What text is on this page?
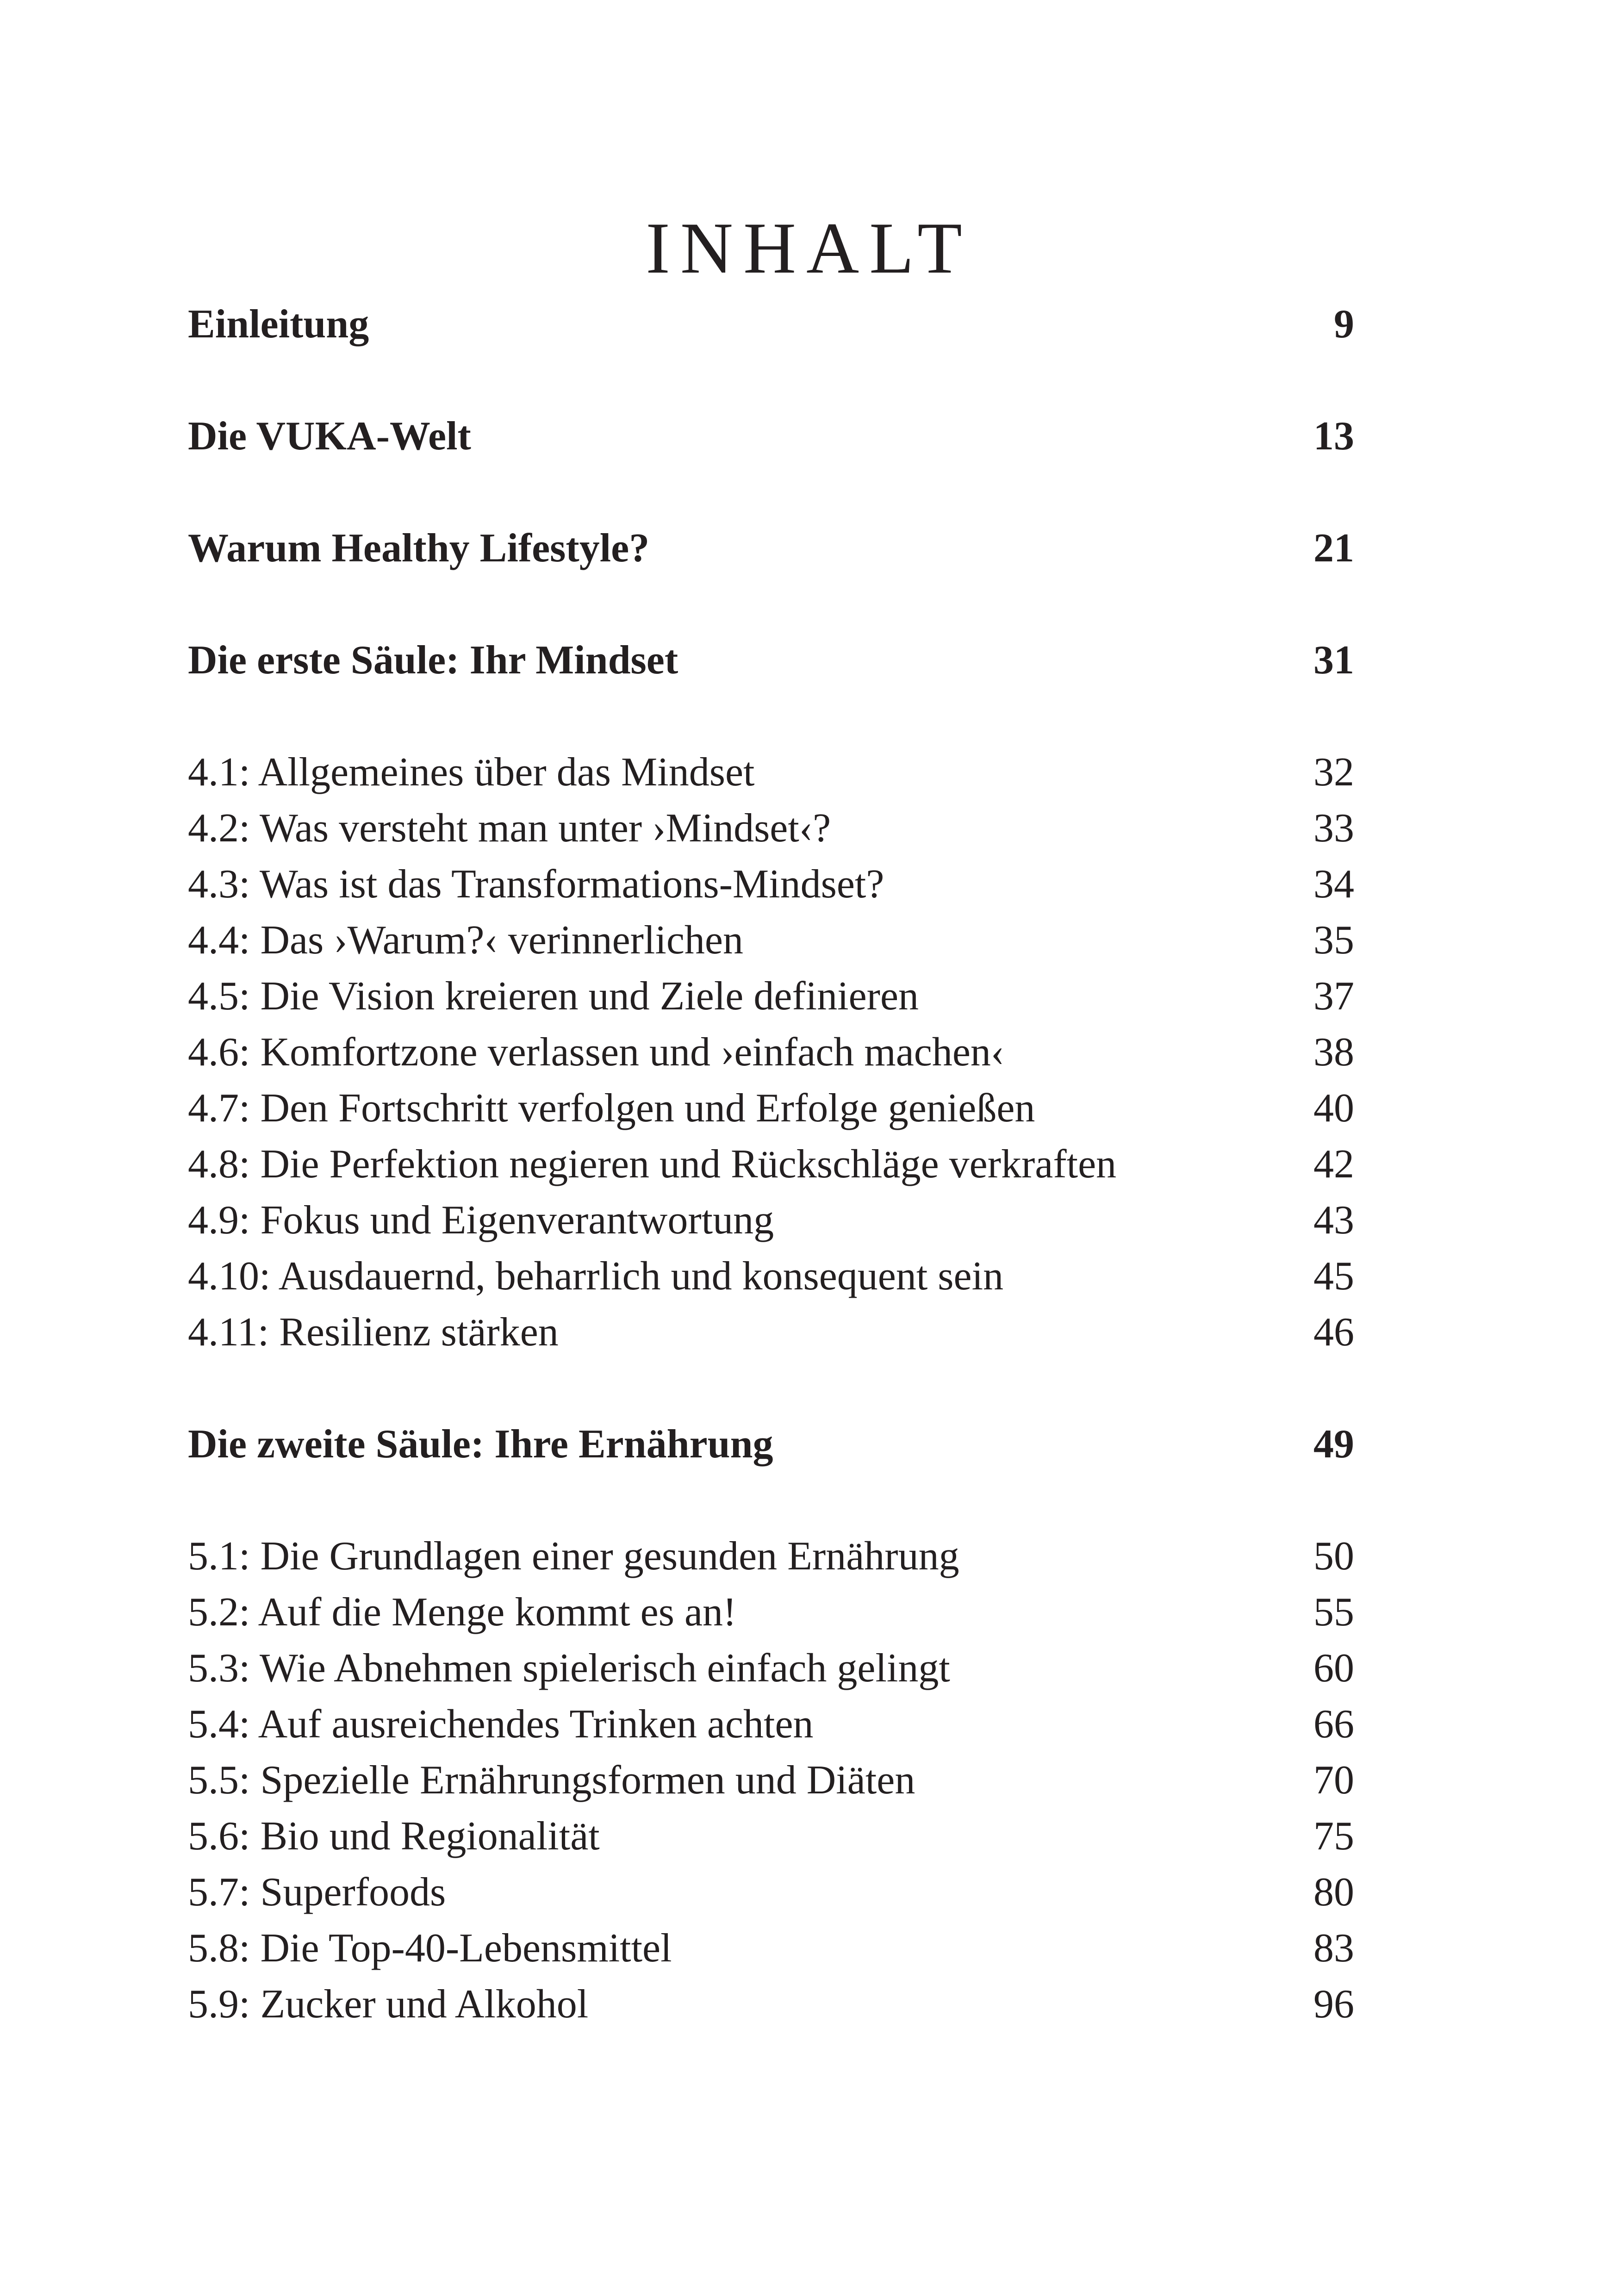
INHALT
Einleitung	9
Die VUKA-Welt	13
Warum Healthy Lifestyle?	21
Die erste Säule: Ihr Mindset	31
4.1: Allgemeines über das Mindset	32
4.2: Was versteht man unter ›Mindset‹?	33
4.3: Was ist das Transformations-Mindset?	34
4.4: Das ›Warum?‹ verinnerlichen	35
4.5: Die Vision kreieren und Ziele definieren	37
4.6: Komfortzone verlassen und ›einfach machen‹	38
4.7: Den Fortschritt verfolgen und Erfolge genießen	40
4.8: Die Perfektion negieren und Rückschläge verkraften	42
4.9: Fokus und Eigenverantwortung	43
4.10: Ausdauernd, beharrlich und konsequent sein	45
4.11: Resilienz stärken	46
Die zweite Säule: Ihre Ernährung	49
5.1: Die Grundlagen einer gesunden Ernährung	50
5.2: Auf die Menge kommt es an!	55
5.3: Wie Abnehmen spielerisch einfach gelingt	60
5.4: Auf ausreichendes Trinken achten	66
5.5: Spezielle Ernährungsformen und Diäten	70
5.6: Bio und Regionalität	75
5.7: Superfoods	80
5.8: Die Top-40-Lebensmittel	83
5.9: Zucker und Alkohol	96
